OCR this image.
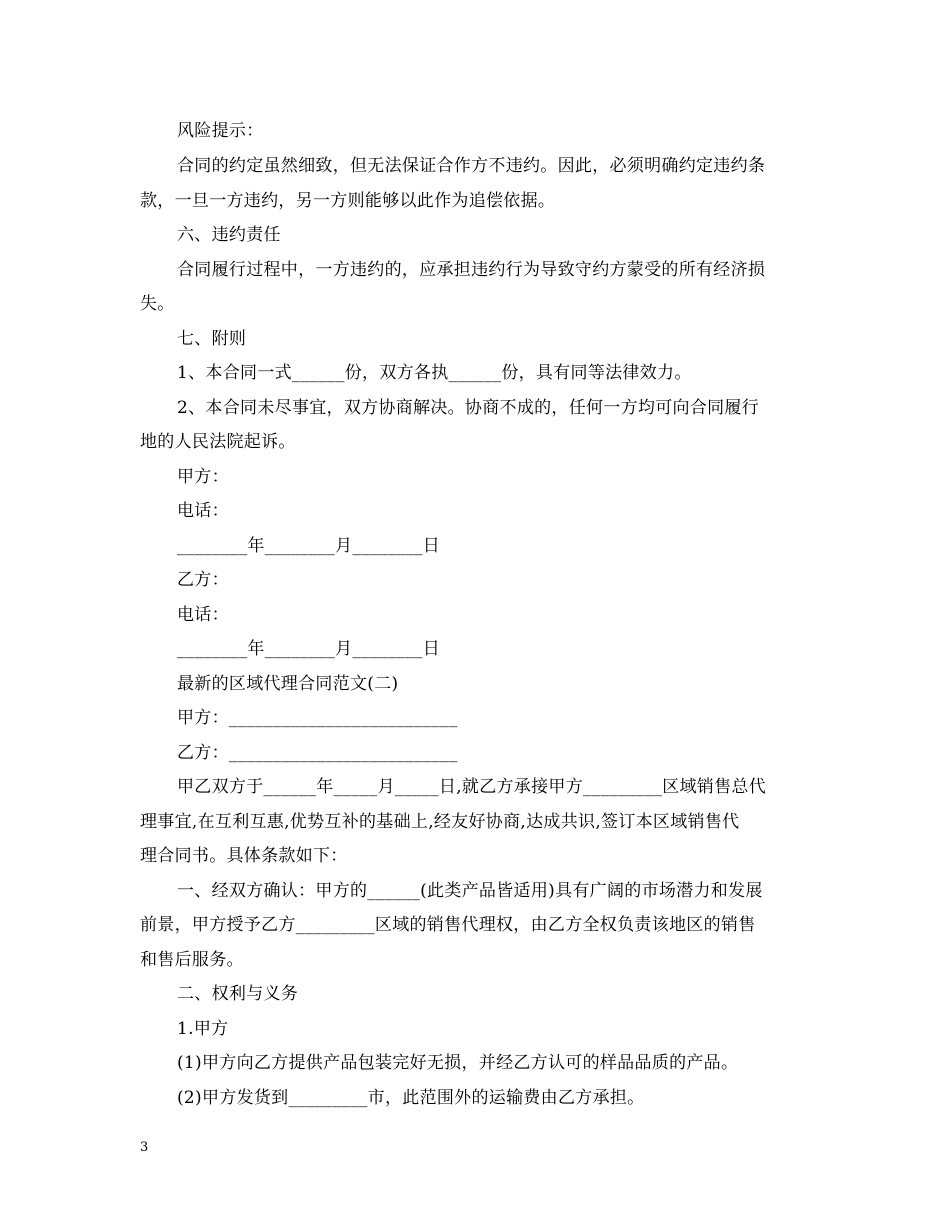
风险提示：
合同的约定虽然细致，但无法保证合作方不违约。因此，必须明确约定违约条
款，一旦一方违约，另一方则能够以此作为追偿依据。
六、违约责任
合同履行过程中，一方违约的，应承担违约行为导致守约方蒙受的所有经济损
失。
七、附则
1、本合同一式______份，双方各执______份，具有同等法律效力。
2、本合同未尽事宜，双方协商解决。协商不成的，任何一方均可向合同履行
地的人民法院起诉。
甲方：
电话：
________年________月________日
乙方：
电话：
________年________月________日
最新的区域代理合同范文(二)
甲方：__________________________
乙方：__________________________
甲乙双方于______年_____月_____日,就乙方承接甲方_________区域销售总代
理事宜,在互利互惠,优势互补的基础上,经友好协商,达成共识,签订本区域销售代
理合同书。具体条款如下：
一、经双方确认：甲方的______(此类产品皆适用)具有广阔的市场潜力和发展
前景，甲方授予乙方_________区域的销售代理权，由乙方全权负责该地区的销售
和售后服务。
二、权利与义务
1.甲方
(1)甲方向乙方提供产品包装完好无损，并经乙方认可的样品品质的产品。
(2)甲方发货到_________市，此范围外的运输费由乙方承担。
3
